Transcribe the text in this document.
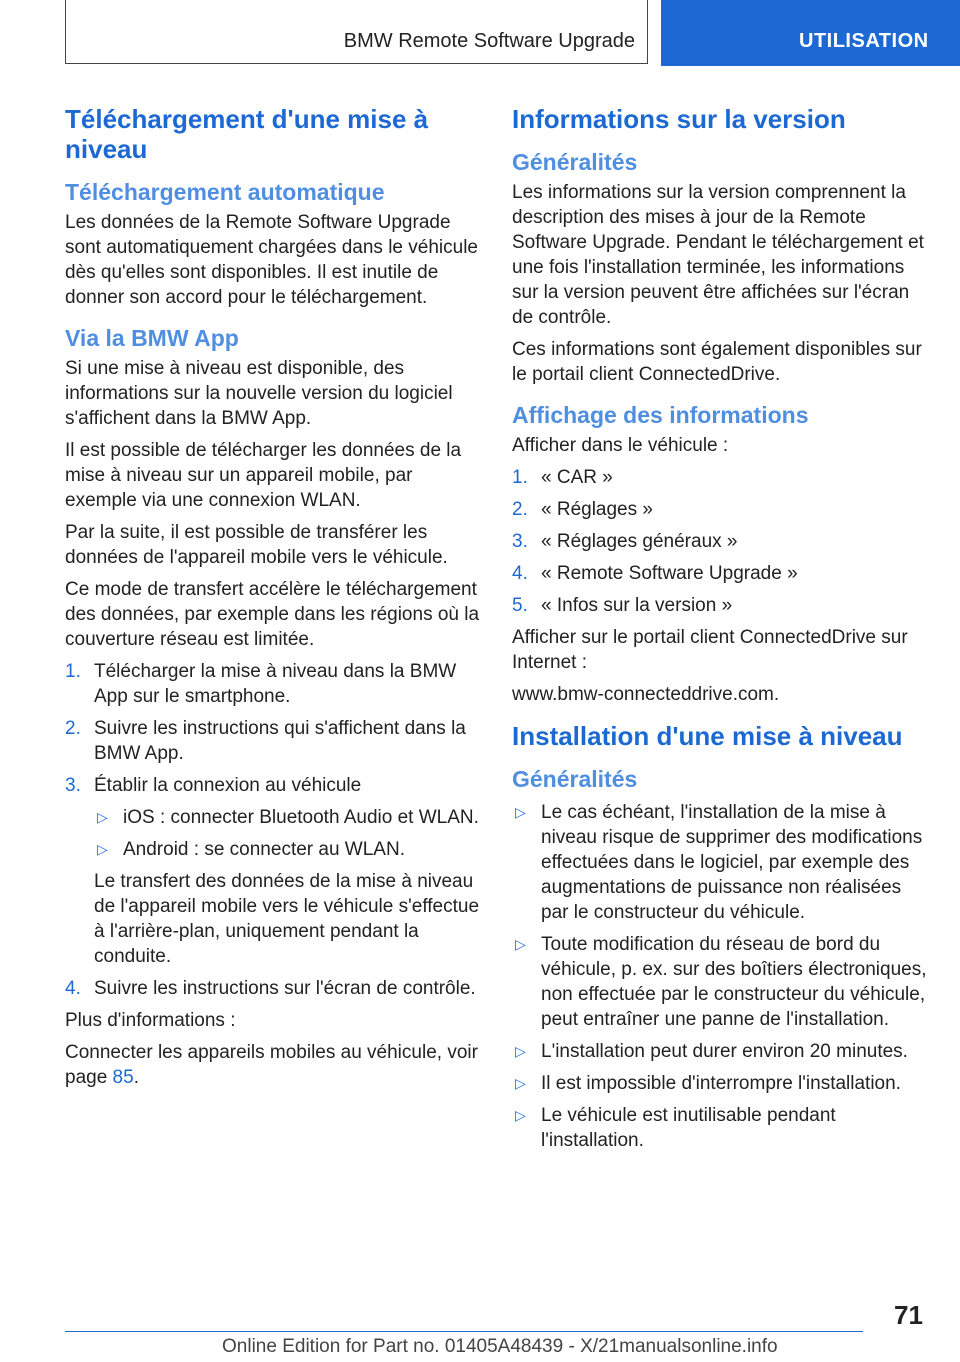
BMW Remote Software Upgrade	UTILISATION
Téléchargement d'une mise à niveau
Téléchargement automatique

Les données de la Remote Software Upgrade sont automatiquement chargées dans le véhicule dès qu'elles sont disponibles. Il est inutile de donner son accord pour le téléchargement.

Via la BMW App

Si une mise à niveau est disponible, des informations sur la nouvelle version du logiciel s'affichent dans la BMW App.

Il est possible de télécharger les données de la mise à niveau sur un appareil mobile, par exemple via une connexion WLAN.

Par la suite, il est possible de transférer les données de l'appareil mobile vers le véhicule.

Ce mode de transfert accélère le téléchargement des données, par exemple dans les régions où la couverture réseau est limitée.

1. Télécharger la mise à niveau dans la BMW App sur le smartphone.
2. Suivre les instructions qui s'affichent dans la BMW App.
3. Établir la connexion au véhicule
▷ iOS : connecter Bluetooth Audio et WLAN.
▷ Android : se connecter au WLAN.
Le transfert des données de la mise à niveau de l'appareil mobile vers le véhicule s'effectue à l'arrière-plan, uniquement pendant la conduite.
4. Suivre les instructions sur l'écran de contrôle.

Plus d'informations :

Connecter les appareils mobiles au véhicule, voir page 85.

Informations sur la version
Généralités

Les informations sur la version comprennent la description des mises à jour de la Remote Software Upgrade. Pendant le téléchargement et une fois l'installation terminée, les informations sur la version peuvent être affichées sur l'écran de contrôle.

Ces informations sont également disponibles sur le portail client ConnectedDrive.

Affichage des informations

Afficher dans le véhicule :

1. « CAR »
2. « Réglages »
3. « Réglages généraux »
4. « Remote Software Upgrade »
5. « Infos sur la version »

Afficher sur le portail client ConnectedDrive sur Internet :

www.bmw-connecteddrive.com.

Installation d'une mise à niveau
Généralités
▷ Le cas échéant, l'installation de la mise à niveau risque de supprimer des modifications effectuées dans le logiciel, par exemple des augmentations de puissance non réalisées par le constructeur du véhicule.
▷ Toute modification du réseau de bord du véhicule, p. ex. sur des boîtiers électroniques, non effectuée par le constructeur du véhicule, peut entraîner une panne de l'installation.
▷ L'installation peut durer environ 20 minutes.
▷ Il est impossible d'interrompre l'installation.
▷ Le véhicule est inutilisable pendant l'installation.
71
Online Edition for Part no. 01405A48439 - X/21manualsonline.info
